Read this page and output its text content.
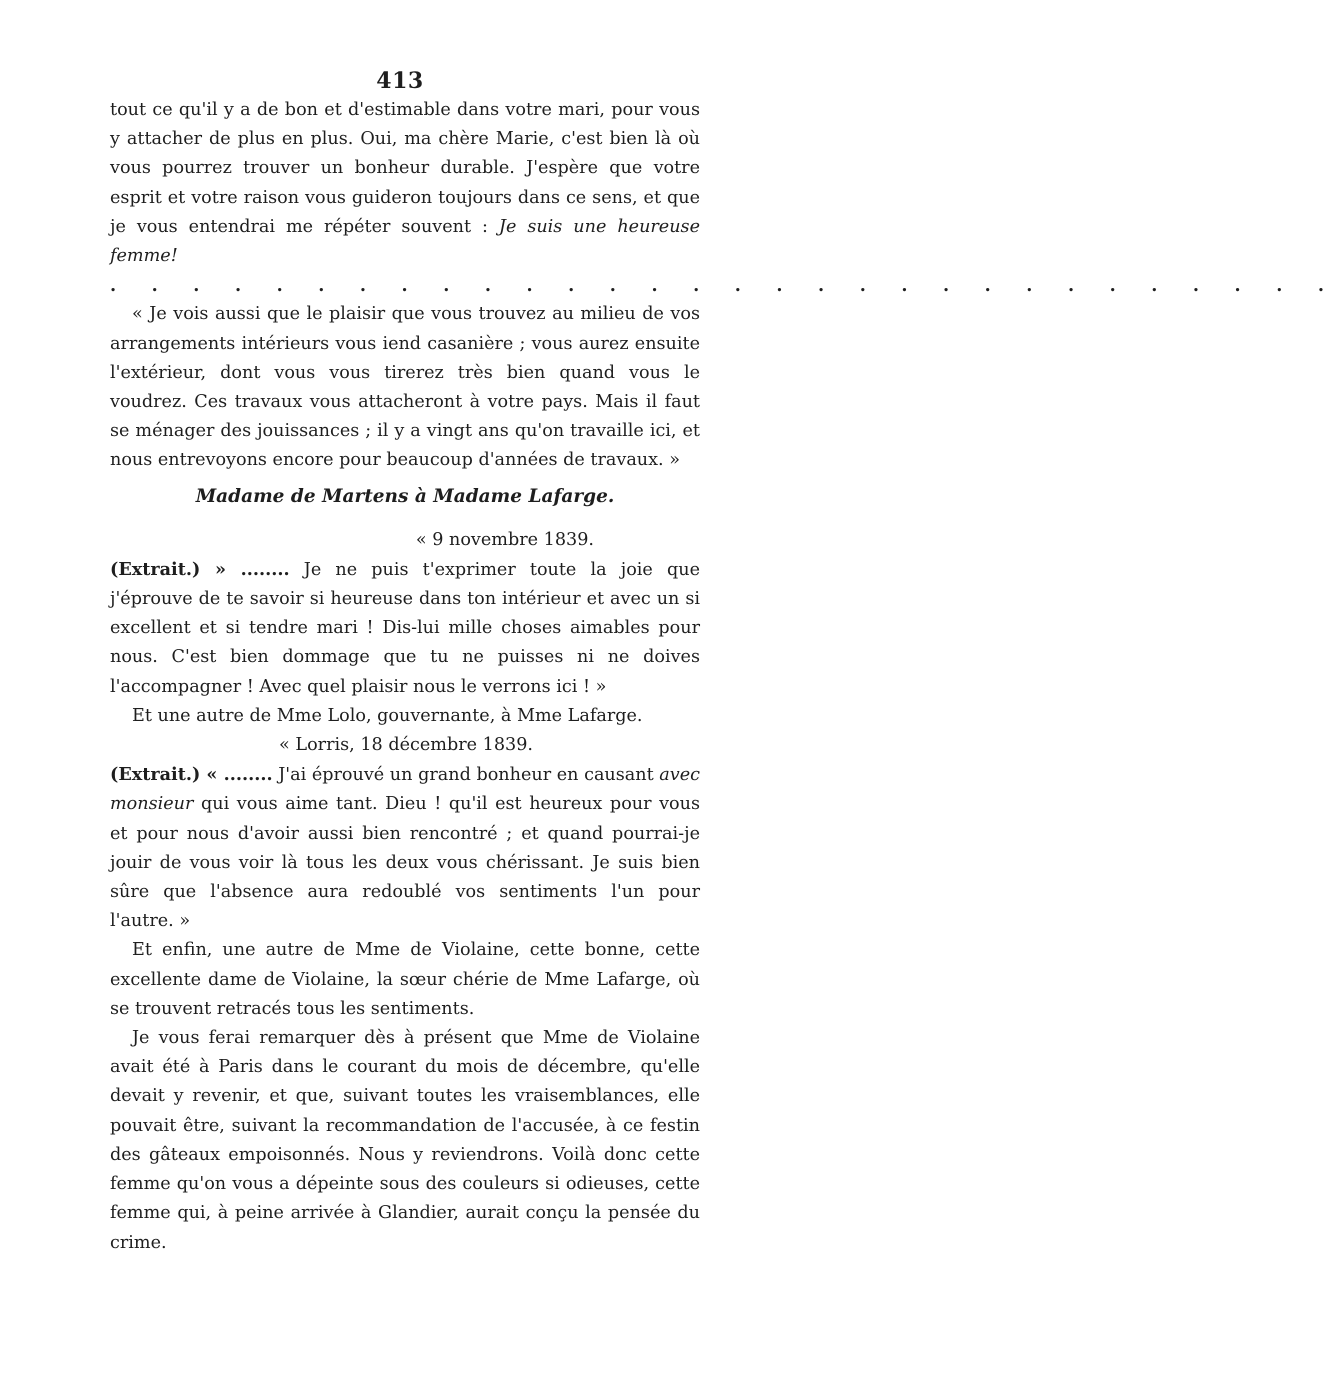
413

tout ce qu'il y a de bon et d'estimable dans votre mari, pour vous y attacher de plus en plus. Oui, ma chère Marie, c'est bien là où vous pourrez trouver un bonheur durable. J'espère que votre esprit et votre raison vous guideron toujours dans ce sens, et que je vous entendrai me répéter souvent : Je suis une heureuse femme!

. . . . . . . . . . . . . . . . . . . . . . . . . . . . . .

« Je vois aussi que le plaisir que vous trouvez au milieu de vos arrangements intérieurs vous iend casanière ; vous aurez ensuite l'extérieur, dont vous vous tirerez très bien quand vous le voudrez. Ces travaux vous attacheront à votre pays. Mais il faut se ménager des jouissances ; il y a vingt ans qu'on travaille ici, et nous entrevoyons encore pour beaucoup d'années de travaux. »

Madame de Martens à Madame Lafarge.

« 9 novembre 1839.

(Extrait.) » ........ Je ne puis t'exprimer toute la joie que j'éprouve de te savoir si heureuse dans ton intérieur et avec un si excellent et si tendre mari ! Dis-lui mille choses aimables pour nous. C'est bien dommage que tu ne puisses ni ne doives l'accompagner ! Avec quel plaisir nous le verrons ici ! »

Et une autre de Mme Lolo, gouvernante, à Mme Lafarge.

« Lorris, 18 décembre 1839.

(Extrait.) « ........ J'ai éprouvé un grand bonheur en causant avec monsieur qui vous aime tant. Dieu ! qu'il est heureux pour vous et pour nous d'avoir aussi bien rencontré ; et quand pourrai-je jouir de vous voir là tous les deux vous chérissant. Je suis bien sûre que l'absence aura redoublé vos sentiments l'un pour l'autre. »

Et enfin, une autre de Mme de Violaine, cette bonne, cette excellente dame de Violaine, la sœur chérie de Mme Lafarge, où se trouvent retracés tous les sentiments.

Je vous ferai remarquer dès à présent que Mme de Violaine avait été à Paris dans le courant du mois de décembre, qu'elle devait y revenir, et que, suivant toutes les vraisemblances, elle pouvait être, suivant la recommandation de l'accusée, à ce festin des gâteaux empoisonnés. Nous y reviendrons. Voilà donc cette femme qu'on vous a dépeinte sous des couleurs si odieuses, cette femme qui, à peine arrivée à Glandier, aurait conçu la pensée du crime.
